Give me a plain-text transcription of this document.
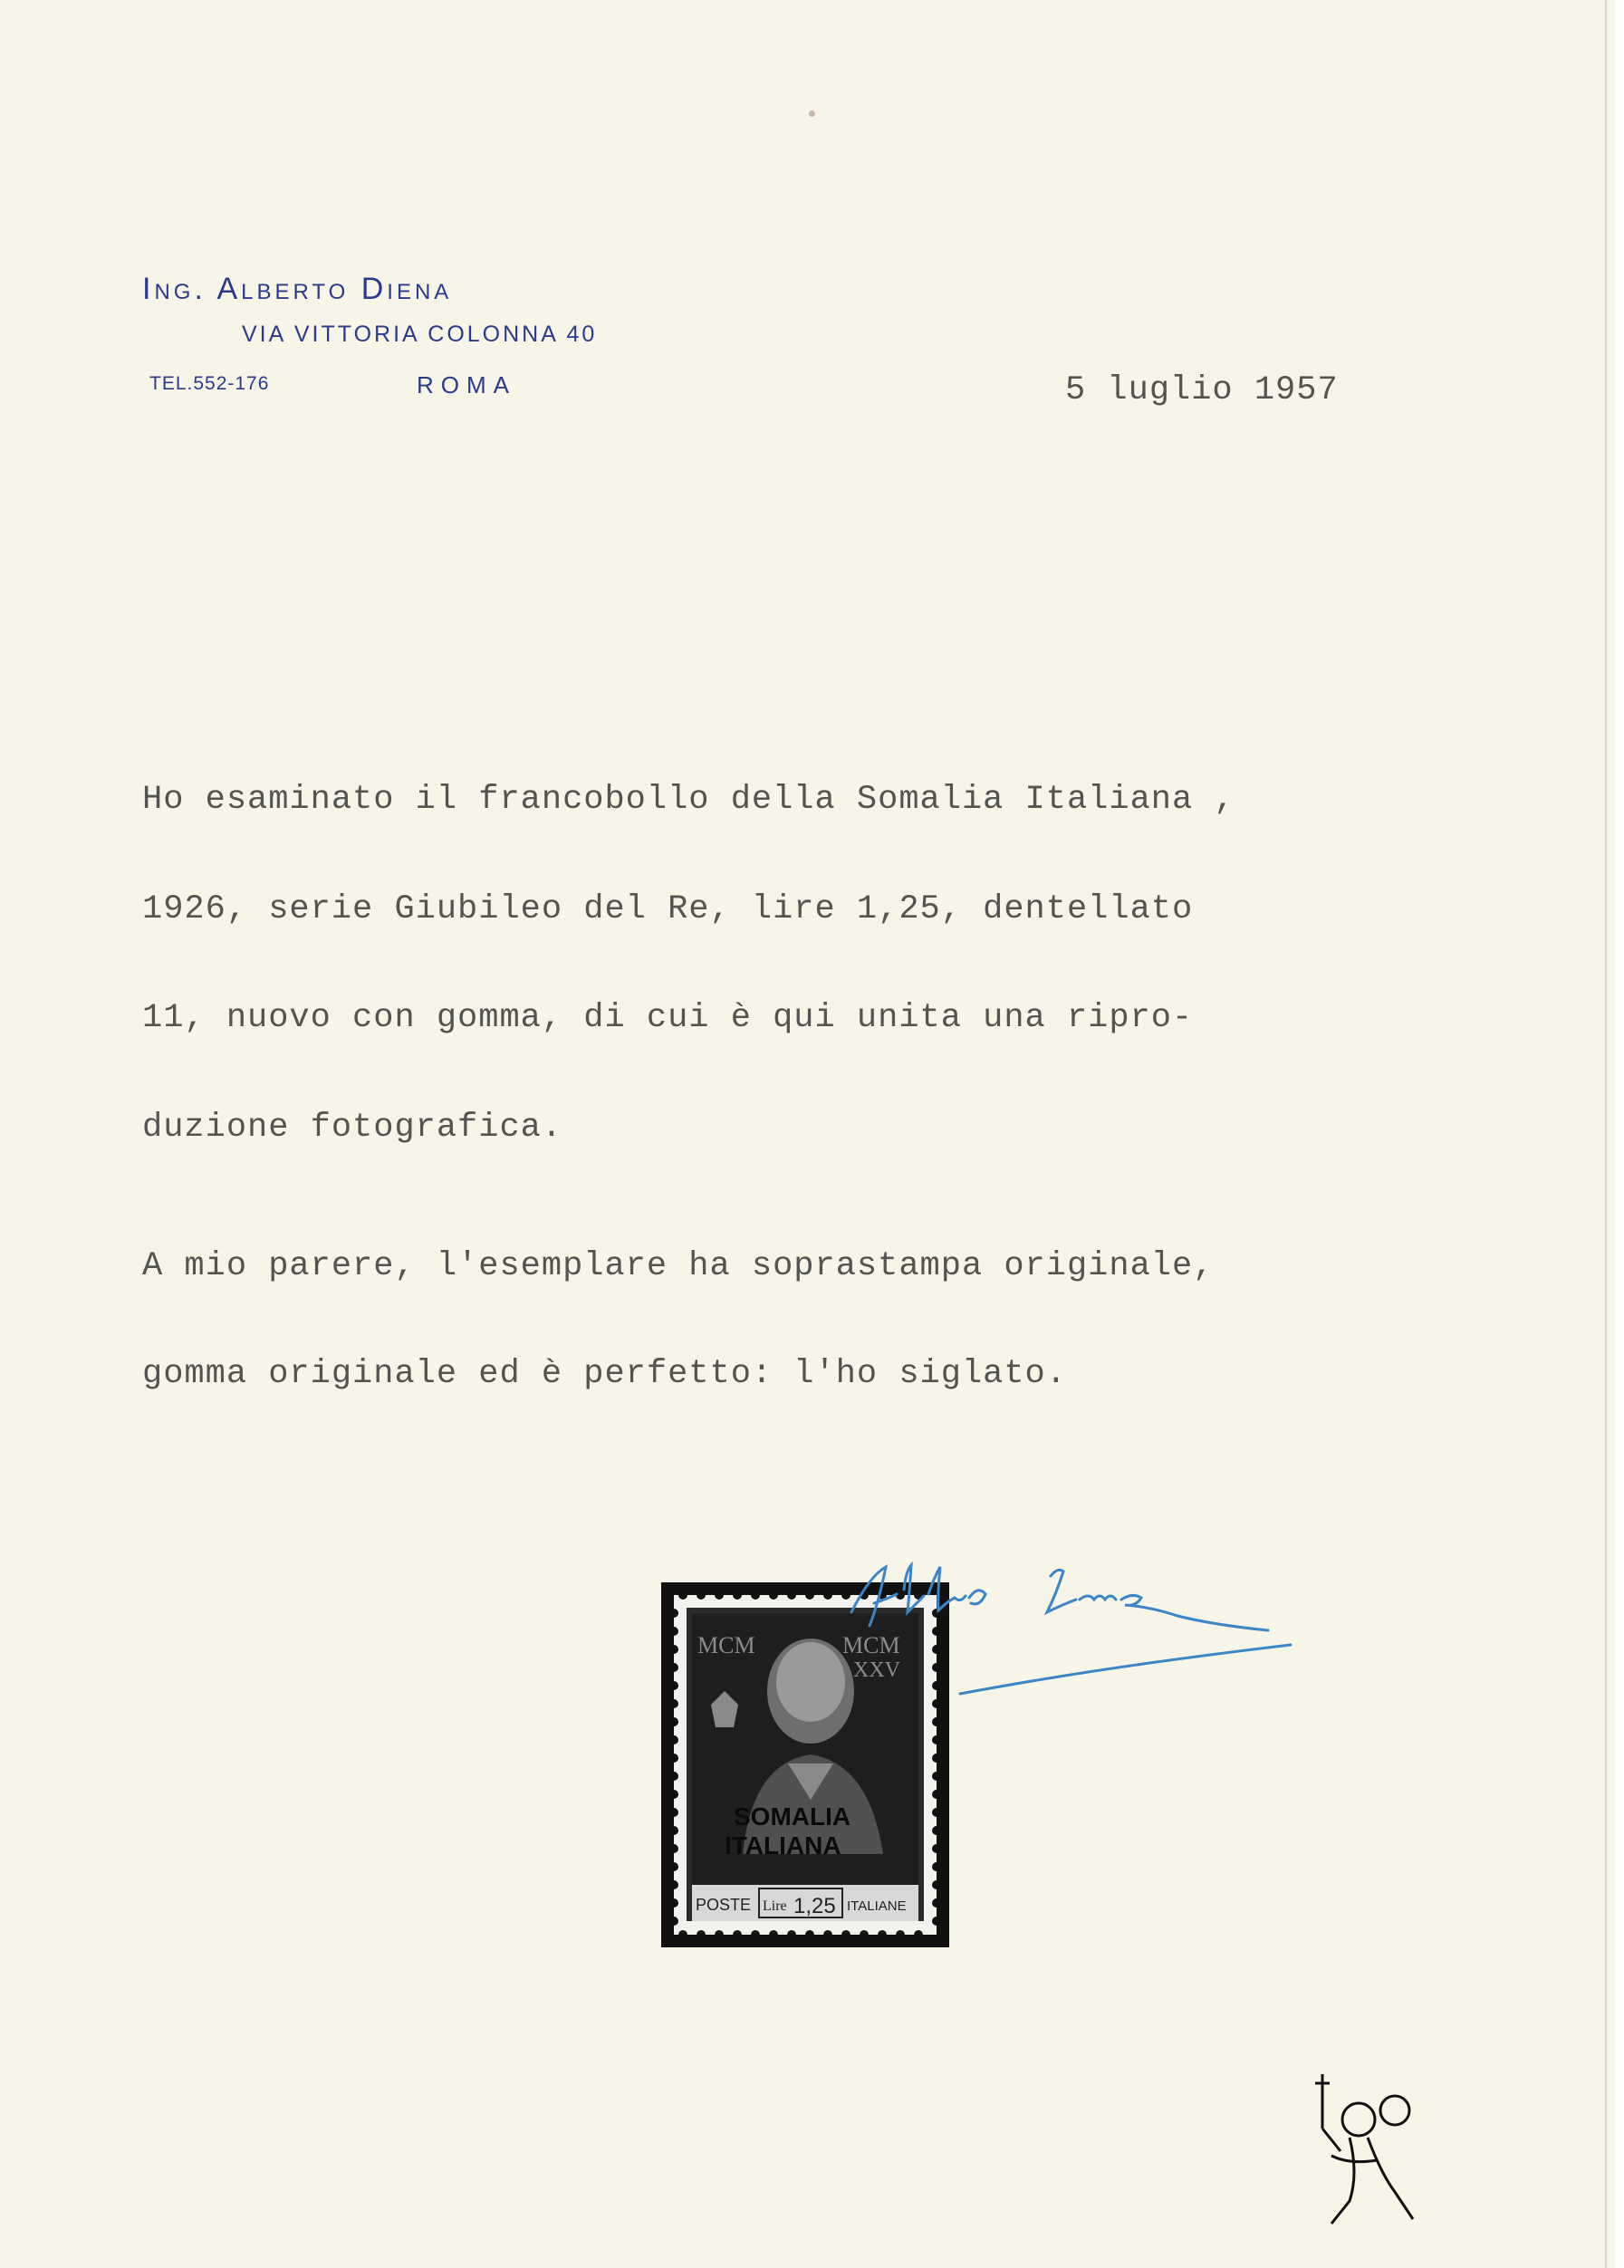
Ing. Alberto Diena
VIA VITTORIA COLONNA 40
TEL.552-176	ROMA	5 luglio 1957
Ho esaminato il francobollo della Somalia Italiana ,
1926, serie Giubileo del Re, lire 1,25, dentellato
11, nuovo con gomma, di cui è qui unita una ripro-
duzione fotografica.
A mio parere, l'esemplare ha soprastampa originale,
gomma originale ed è perfetto: l'ho siglato.
MCM	MCM
XXV
SOMALIA
ITALIANA
POSTE Lire 1,25 ITALIANE
